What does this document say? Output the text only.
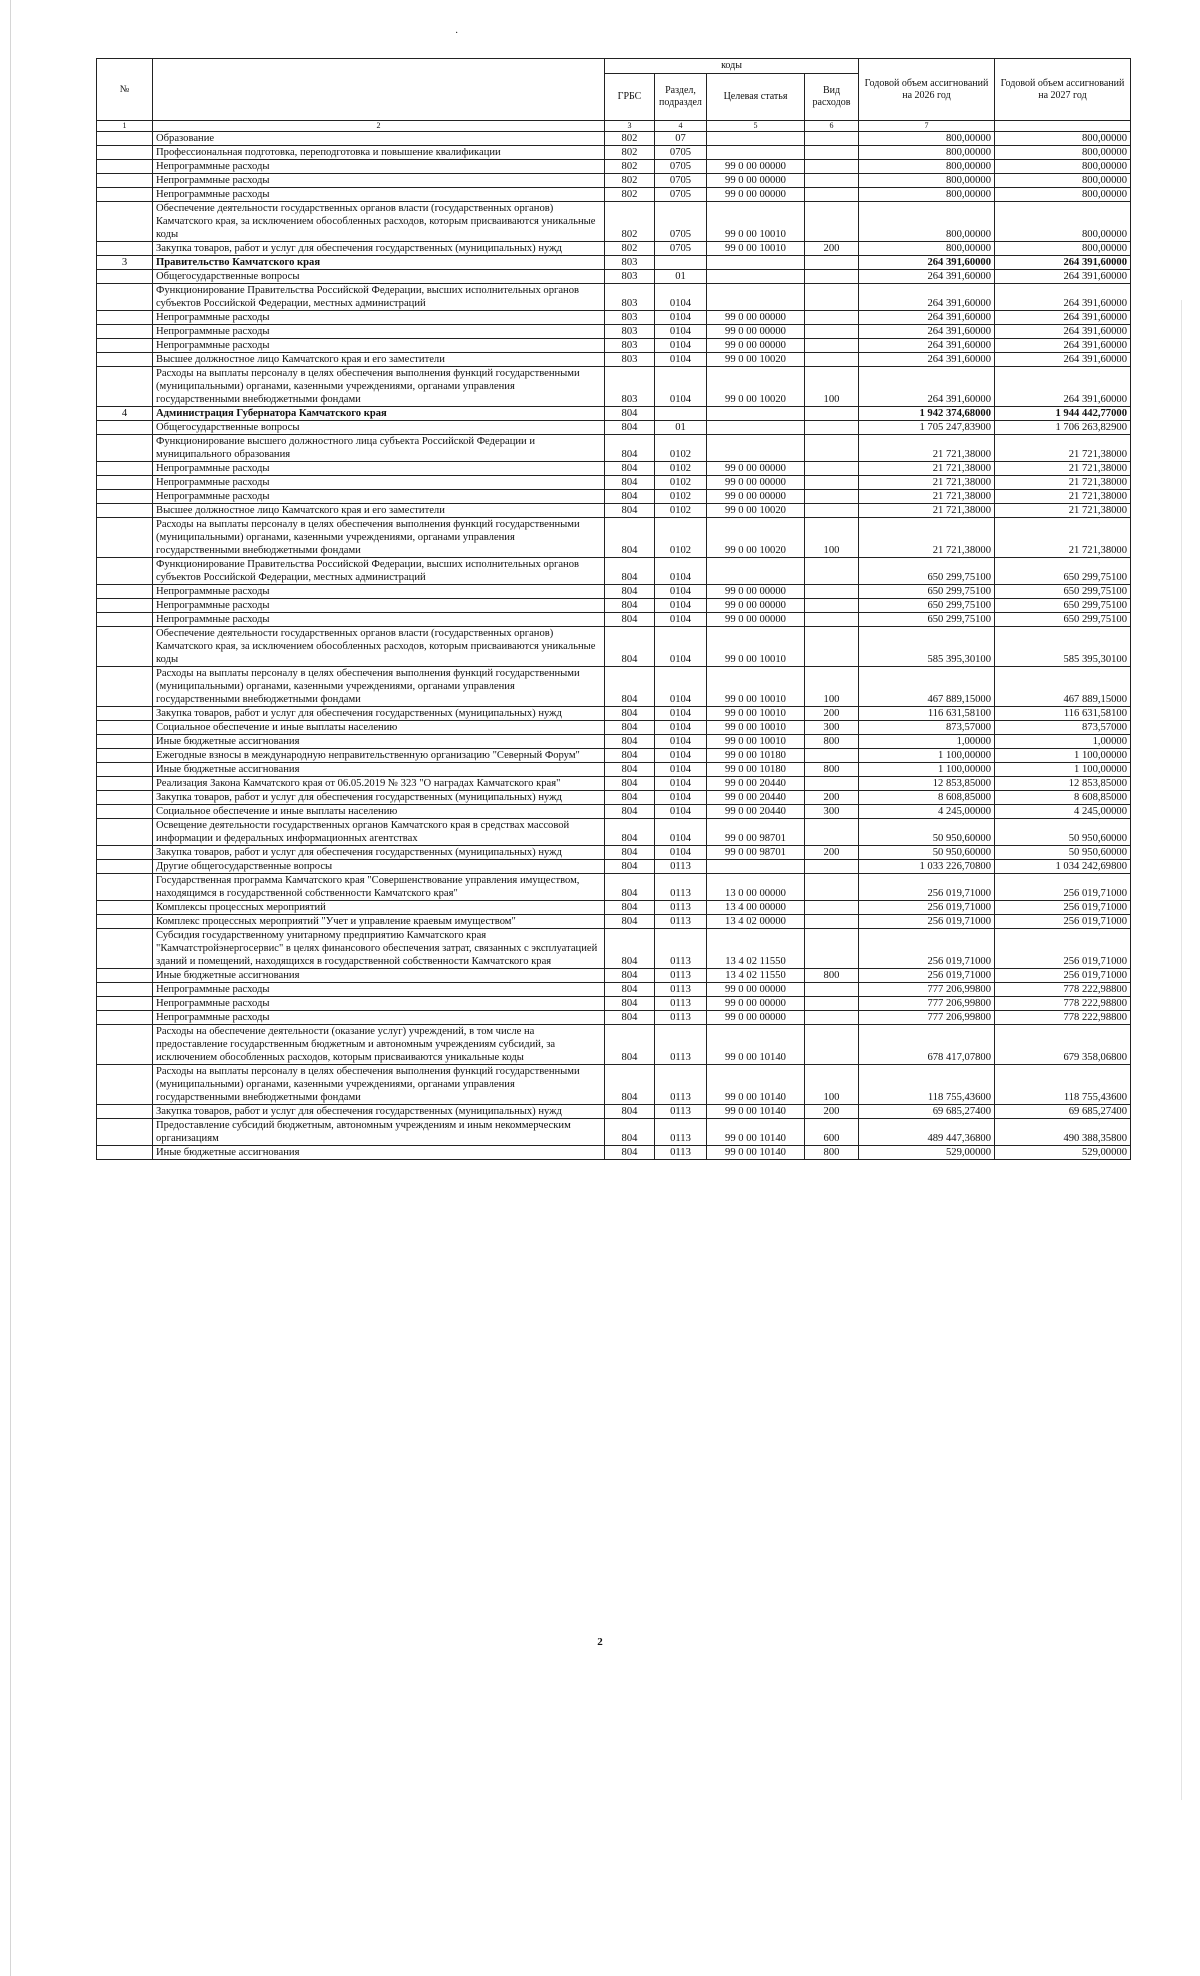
·
№		коды				Годовой объем ассигнований на 2026 год	Годовой объем ассигнований на 2027 год
		ГРБС	Раздел, подраздел	Целевая статья	Вид расходов		
1	2	3	4	5	6	7	
	Образование	802	07			800,00000	800,00000
	Профессиональная подготовка, переподготовка и повышение квалификации	802	0705			800,00000	800,00000
	Непрограммные расходы	802	0705	99 0 00 00000		800,00000	800,00000
	Непрограммные расходы	802	0705	99 0 00 00000		800,00000	800,00000
	Непрограммные расходы	802	0705	99 0 00 00000		800,00000	800,00000
	Обеспечение деятельности государственных органов власти (государственных органов) Камчатского края, за исключением обособленных расходов, которым присваиваются уникальные коды	802	0705	99 0 00 10010		800,00000	800,00000
	Закупка товаров, работ и услуг для обеспечения государственных (муниципальных) нужд	802	0705	99 0 00 10010	200	800,00000	800,00000
3	Правительство Камчатского края	803				264 391,60000	264 391,60000
	Общегосударственные вопросы	803	01			264 391,60000	264 391,60000
	Функционирование Правительства Российской Федерации, высших исполнительных органов субъектов Российской Федерации, местных администраций	803	0104			264 391,60000	264 391,60000
	Непрограммные расходы	803	0104	99 0 00 00000		264 391,60000	264 391,60000
	Непрограммные расходы	803	0104	99 0 00 00000		264 391,60000	264 391,60000
	Непрограммные расходы	803	0104	99 0 00 00000		264 391,60000	264 391,60000
	Высшее должностное лицо Камчатского края и его заместители	803	0104	99 0 00 10020		264 391,60000	264 391,60000
	Расходы на выплаты персоналу в целях обеспечения выполнения функций государственными (муниципальными) органами, казенными учреждениями, органами управления государственными внебюджетными фондами	803	0104	99 0 00 10020	100	264 391,60000	264 391,60000
4	Администрация Губернатора Камчатского края	804				1 942 374,68000	1 944 442,77000
	Общегосударственные вопросы	804	01			1 705 247,83900	1 706 263,82900
	Функционирование высшего должностного лица субъекта Российской Федерации и муниципального образования	804	0102			21 721,38000	21 721,38000
	Непрограммные расходы	804	0102	99 0 00 00000		21 721,38000	21 721,38000
	Непрограммные расходы	804	0102	99 0 00 00000		21 721,38000	21 721,38000
	Непрограммные расходы	804	0102	99 0 00 00000		21 721,38000	21 721,38000
	Высшее должностное лицо Камчатского края и его заместители	804	0102	99 0 00 10020		21 721,38000	21 721,38000
	Расходы на выплаты персоналу в целях обеспечения выполнения функций государственными (муниципальными) органами, казенными учреждениями, органами управления государственными внебюджетными фондами	804	0102	99 0 00 10020	100	21 721,38000	21 721,38000
	Функционирование Правительства Российской Федерации, высших исполнительных органов субъектов Российской Федерации, местных администраций	804	0104			650 299,75100	650 299,75100
	Непрограммные расходы	804	0104	99 0 00 00000		650 299,75100	650 299,75100
	Непрограммные расходы	804	0104	99 0 00 00000		650 299,75100	650 299,75100
	Непрограммные расходы	804	0104	99 0 00 00000		650 299,75100	650 299,75100
	Обеспечение деятельности государственных органов власти (государственных органов) Камчатского края, за исключением обособленных расходов, которым присваиваются уникальные коды	804	0104	99 0 00 10010		585 395,30100	585 395,30100
	Расходы на выплаты персоналу в целях обеспечения выполнения функций государственными (муниципальными) органами, казенными учреждениями, органами управления государственными внебюджетными фондами	804	0104	99 0 00 10010	100	467 889,15000	467 889,15000
	Закупка товаров, работ и услуг для обеспечения государственных (муниципальных) нужд	804	0104	99 0 00 10010	200	116 631,58100	116 631,58100
	Социальное обеспечение и иные выплаты населению	804	0104	99 0 00 10010	300	873,57000	873,57000
	Иные бюджетные ассигнования	804	0104	99 0 00 10010	800	1,00000	1,00000
	Ежегодные взносы в международную неправительственную организацию "Северный Форум"	804	0104	99 0 00 10180		1 100,00000	1 100,00000
	Иные бюджетные ассигнования	804	0104	99 0 00 10180	800	1 100,00000	1 100,00000
	Реализация Закона Камчатского края от 06.05.2019 № 323 "О наградах Камчатского края"	804	0104	99 0 00 20440		12 853,85000	12 853,85000
	Закупка товаров, работ и услуг для обеспечения государственных (муниципальных) нужд	804	0104	99 0 00 20440	200	8 608,85000	8 608,85000
	Социальное обеспечение и иные выплаты населению	804	0104	99 0 00 20440	300	4 245,00000	4 245,00000
	Освещение деятельности государственных органов Камчатского края в средствах массовой информации и федеральных информационных агентствах	804	0104	99 0 00 98701		50 950,60000	50 950,60000
	Закупка товаров, работ и услуг для обеспечения государственных (муниципальных) нужд	804	0104	99 0 00 98701	200	50 950,60000	50 950,60000
	Другие общегосударственные вопросы	804	0113			1 033 226,70800	1 034 242,69800
	Государственная программа Камчатского края "Совершенствование управления имуществом, находящимся в государственной собственности Камчатского края"	804	0113	13 0 00 00000		256 019,71000	256 019,71000
	Комплексы процессных мероприятий	804	0113	13 4 00 00000		256 019,71000	256 019,71000
	Комплекс процессных мероприятий "Учет и управление краевым имуществом"	804	0113	13 4 02 00000		256 019,71000	256 019,71000
	Субсидия государственному унитарному предприятию Камчатского края "Камчатстройэнергосервис" в целях финансового обеспечения затрат, связанных с эксплуатацией зданий и помещений, находящихся в государственной собственности Камчатского края	804	0113	13 4 02 11550		256 019,71000	256 019,71000
	Иные бюджетные ассигнования	804	0113	13 4 02 11550	800	256 019,71000	256 019,71000
	Непрограммные расходы	804	0113	99 0 00 00000		777 206,99800	778 222,98800
	Непрограммные расходы	804	0113	99 0 00 00000		777 206,99800	778 222,98800
	Непрограммные расходы	804	0113	99 0 00 00000		777 206,99800	778 222,98800
	Расходы на обеспечение деятельности (оказание услуг) учреждений, в том числе на предоставление государственным бюджетным и автономным учреждениям субсидий, за исключением обособленных расходов, которым присваиваются уникальные коды	804	0113	99 0 00 10140		678 417,07800	679 358,06800
	Расходы на выплаты персоналу в целях обеспечения выполнения функций государственными (муниципальными) органами, казенными учреждениями, органами управления государственными внебюджетными фондами	804	0113	99 0 00 10140	100	118 755,43600	118 755,43600
	Закупка товаров, работ и услуг для обеспечения государственных (муниципальных) нужд	804	0113	99 0 00 10140	200	69 685,27400	69 685,27400
	Предоставление субсидий бюджетным, автономным учреждениям и иным некоммерческим организациям	804	0113	99 0 00 10140	600	489 447,36800	490 388,35800
	Иные бюджетные ассигнования	804	0113	99 0 00 10140	800	529,00000	529,00000
2
